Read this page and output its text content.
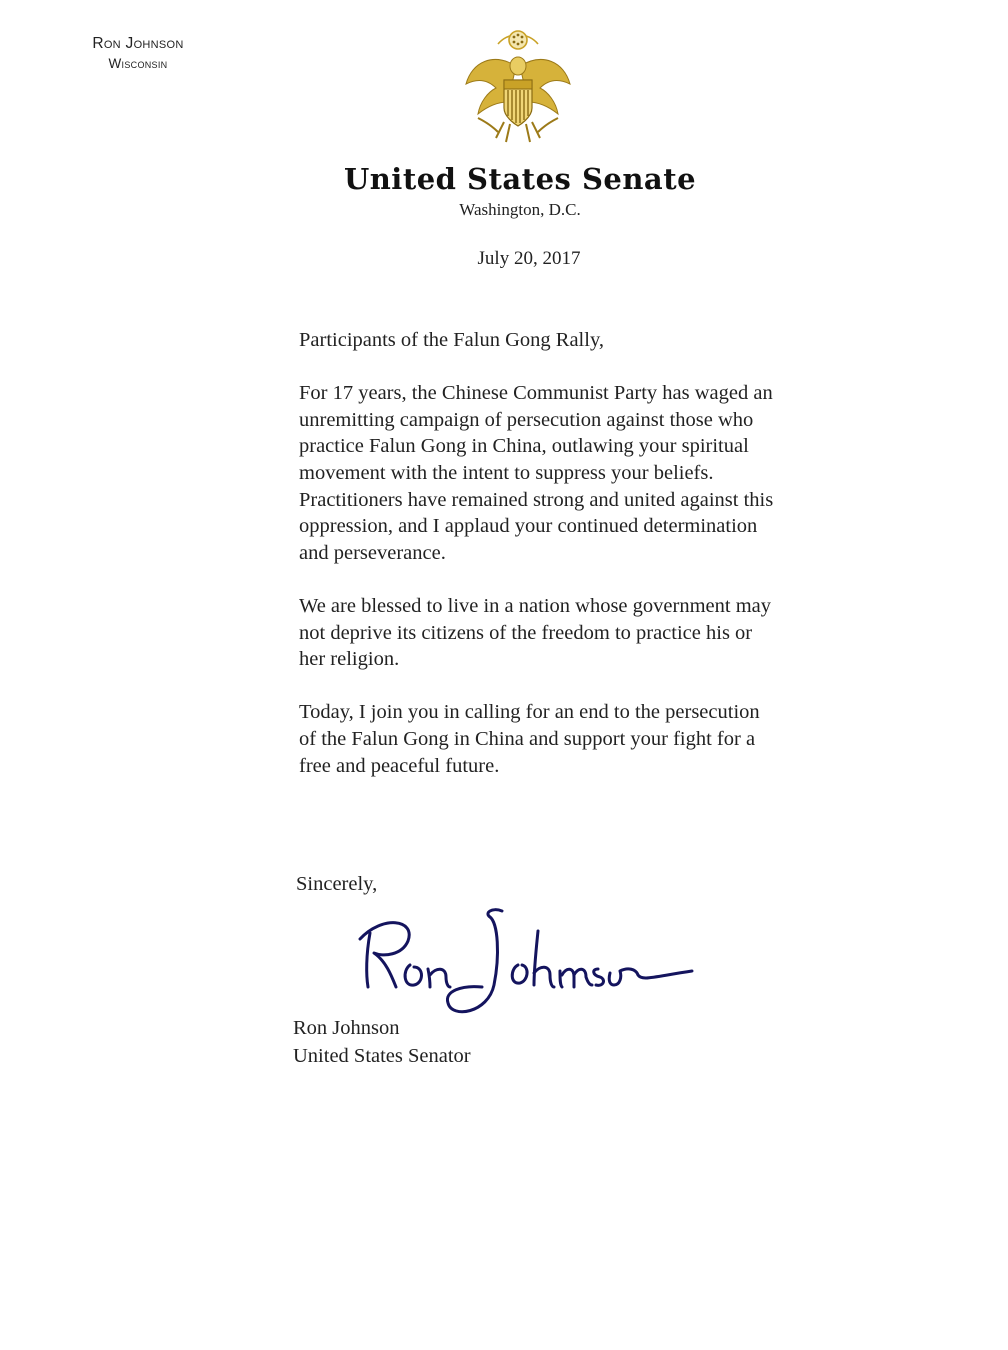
Ron Johnson
Wisconsin
United States Senate
Washington, D.C.
July 20, 2017

Participants of the Falun Gong Rally,

For 17 years, the Chinese Communist Party has waged an unremitting campaign of persecution against those who practice Falun Gong in China, outlawing your spiritual movement with the intent to suppress your beliefs. Practitioners have remained strong and united against this oppression, and I applaud your continued determination and perseverance.

We are blessed to live in a nation whose government may not deprive its citizens of the freedom to practice his or her religion.

Today, I join you in calling for an end to the persecution of the Falun Gong in China and support your fight for a free and peaceful future.

Sincerely,
Ron Johnson
United States Senator
